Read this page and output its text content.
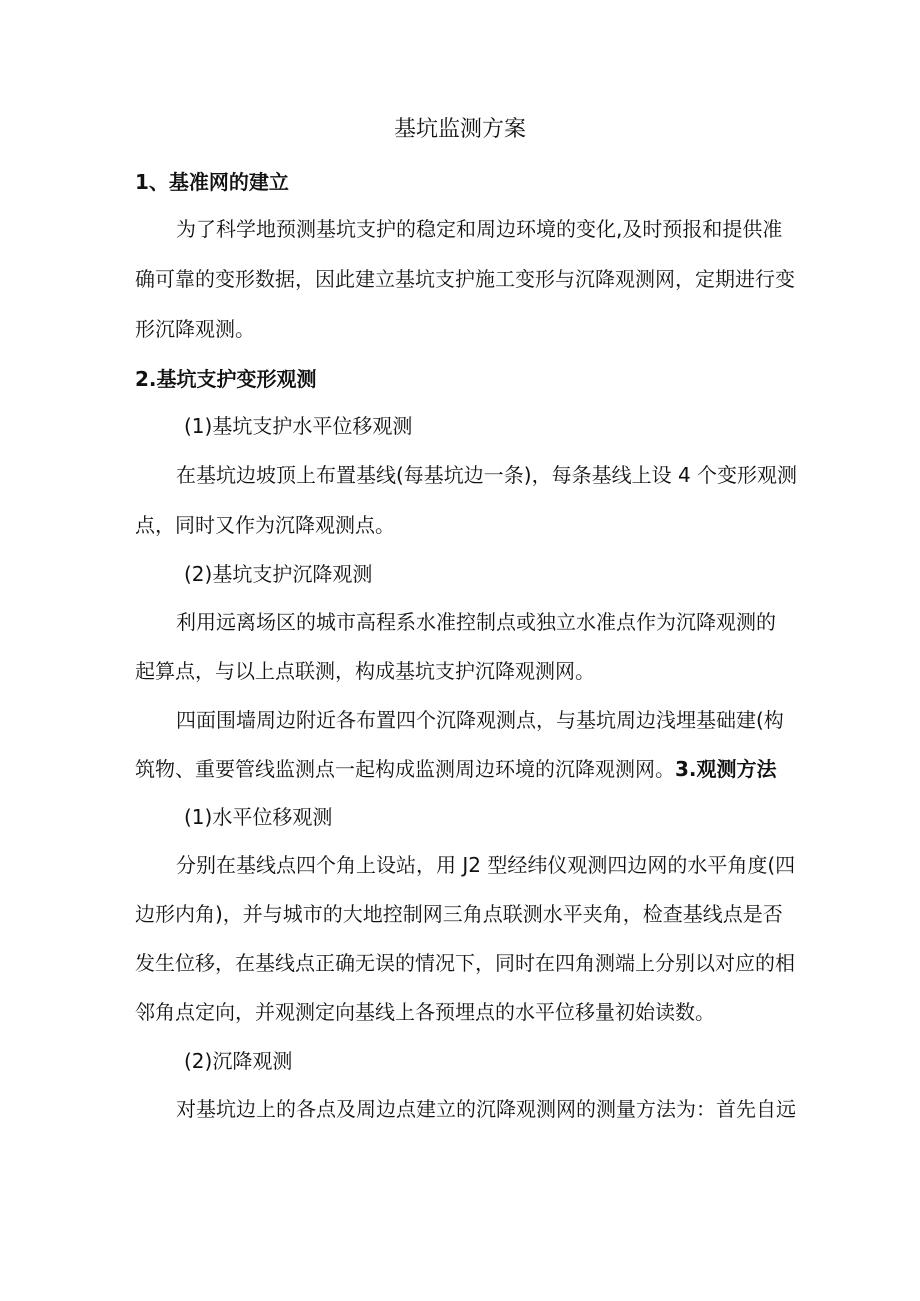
基坑监测方案
1、基准网的建立
为了科学地预测基坑支护的稳定和周边环境的变化,及时预报和提供准
确可靠的变形数据，因此建立基坑支护施工变形与沉降观测网，定期进行变
形沉降观测。
2.基坑支护变形观测
(1)基坑支护水平位移观测
在基坑边坡顶上布置基线(每基坑边一条)，每条基线上设 4 个变形观测
点，同时又作为沉降观测点。
(2)基坑支护沉降观测
利用远离场区的城市高程系水准控制点或独立水准点作为沉降观测的
起算点，与以上点联测，构成基坑支护沉降观测网。
四面围墙周边附近各布置四个沉降观测点，与基坑周边浅埋基础建(构
筑物、重要管线监测点一起构成监测周边环境的沉降观测网。3.观测方法
(1)水平位移观测
分别在基线点四个角上设站，用 J2 型经纬仪观测四边网的水平角度(四
边形内角)，并与城市的大地控制网三角点联测水平夹角，检查基线点是否
发生位移，在基线点正确无误的情况下，同时在四角测端上分别以对应的相
邻角点定向，并观测定向基线上各预埋点的水平位移量初始读数。
(2)沉降观测
对基坑边上的各点及周边点建立的沉降观测网的测量方法为：首先自远
